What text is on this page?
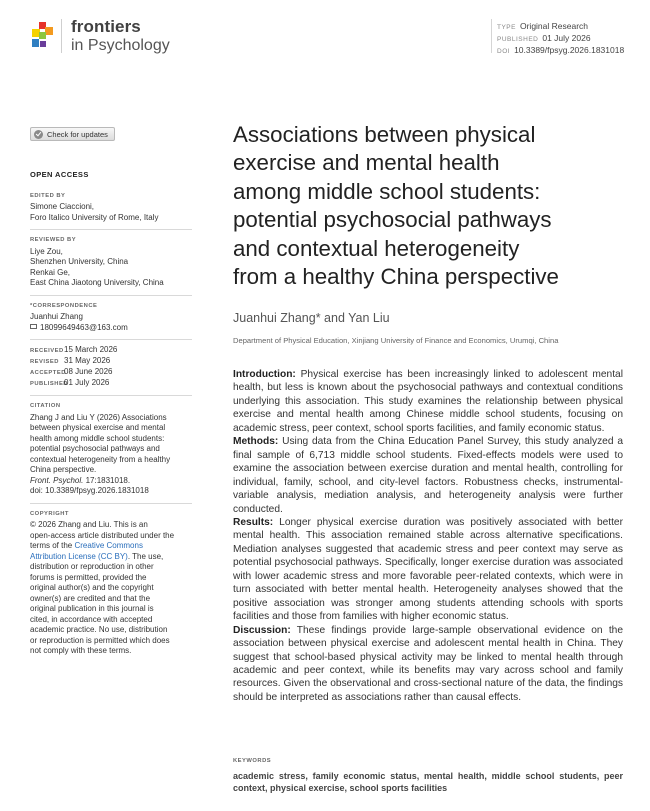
frontiers
in Psychology
TYPE Original Research
PUBLISHED 01 July 2026
DOI 10.3389/fpsyg.2026.1831018
Check for updates
OPEN ACCESS
EDITED BY
Simone Ciaccioni,
Foro Italico University of Rome, Italy
REVIEWED BY
Liye Zou,
Shenzhen University, China
Renkai Ge,
East China Jiaotong University, China
*CORRESPONDENCE
Juanhui Zhang
18099649463@163.com
RECEIVED15 March 2026
REVISED 31 May 2026
ACCEPTED08 June 2026
PUBLISHED01 July 2026
CITATION
Zhang J and Liu Y (2026) Associations
between physical exercise and mental
health among middle school students:
potential psychosocial pathways and
contextual heterogeneity from a healthy
China perspective.
Front. Psychol. 17:1831018.
doi: 10.3389/fpsyg.2026.1831018
COPYRIGHT
© 2026 Zhang and Liu. This is an
open-access article distributed under the
terms of the Creative Commons
Attribution License (CC BY). The use,
distribution or reproduction in other
forums is permitted, provided the
original author(s) and the copyright
owner(s) are credited and that the
original publication in this journal is
cited, in accordance with accepted
academic practice. No use, distribution
or reproduction is permitted which does
not comply with these terms.
Associations between physical
exercise and mental health
among middle school students:
potential psychosocial pathways
and contextual heterogeneity
from a healthy China perspective
Juanhui Zhang* and Yan Liu
Department of Physical Education, Xinjiang University of Finance and Economics, Urumqi, China

Introduction: Physical exercise has been increasingly linked to adolescent mental health, but less is known about the psychosocial pathways and contextual conditions underlying this association. This study examines the relationship between physical exercise and mental health among Chinese middle school students, focusing on academic stress, peer context, school sports facilities, and family economic status.

Methods: Using data from the China Education Panel Survey, this study analyzed a final sample of 6,713 middle school students. Fixed-effects models were used to examine the association between exercise duration and mental health, controlling for individual, family, school, and city-level factors. Robustness checks, instrumental-variable analysis, mediation analysis, and heterogeneity analysis were further conducted.

Results: Longer physical exercise duration was positively associated with better mental health. This association remained stable across alternative specifications. Mediation analyses suggested that academic stress and peer context may serve as potential psychosocial pathways. Specifically, longer exercise duration was associated with lower academic stress and more favorable peer-related contexts, which were in turn associated with better mental health. Heterogeneity analyses showed that the positive association was stronger among students attending schools with sports facilities and those from families with higher economic status.

Discussion: These findings provide large-sample observational evidence on the association between physical exercise and adolescent mental health in China. They suggest that school-based physical activity may be linked to mental health through academic and peer context, while its benefits may vary across school and family resources. Given the observational and cross-sectional nature of the data, the findings should be interpreted as associations rather than causal effects.

KEYWORDS
academic stress, family economic status, mental health, middle school students, peer context, physical exercise, school sports facilities
